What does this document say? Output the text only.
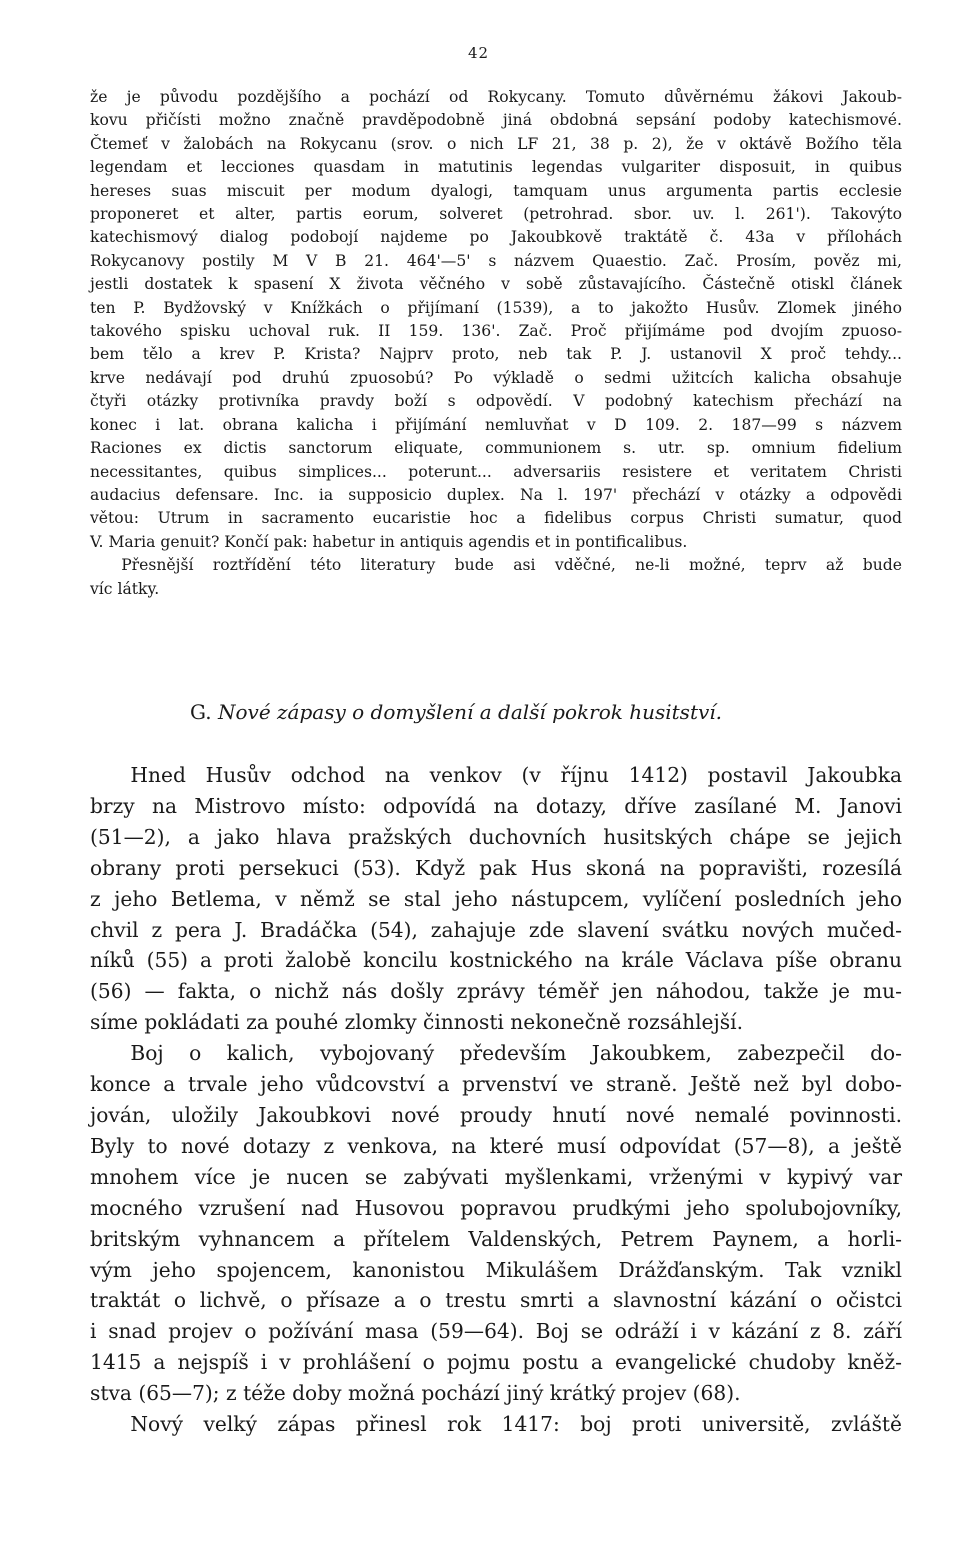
42

že je původu pozdějšího a pochází od Rokycany. Tomuto důvěrnému žákovi Jakoub-

kovu přičísti možno značně pravděpodobně jiná obdobná sepsání podoby katechismové.

Čtemeť v žalobách na Rokycanu (srov. o nich LF 21, 38 p. 2), že v oktávě Božího těla

legendam et lecciones quasdam in matutinis legendas vulgariter disposuit, in quibus

hereses suas miscuit per modum dyalogi, tamquam unus argumenta partis ecclesie

proponeret et alter, partis eorum, solveret (petrohrad. sbor. uv. l. 261'). Takovýto

katechismový dialog podobojí najdeme po Jakoubkově traktátě č. 43a v přílohách

Rokycanovy postily M V B 21. 464'—5' s názvem Quaestio. Zač. Prosím, pověz mi,

jestli dostatek k spasení X života věčného v sobě zůstavajícího. Částečně otiskl článek

ten P. Bydžovský v Knížkách o přijímaní (1539), a to jakožto Husův. Zlomek jiného

takového spisku uchoval ruk. II 159. 136'. Zač. Proč přijímáme pod dvojím zpuoso-

bem tělo a krev P. Krista? Najprv proto, neb tak P. J. ustanovil X proč tehdy...

krve nedávají pod druhú zpuosobú? Po výkladě o sedmi užitcích kalicha obsahuje

čtyři otázky protivníka pravdy boží s odpovědí. V podobný katechism přechází na

konec i lat. obrana kalicha i přijímání nemluvňat v D 109. 2. 187—99 s názvem

Raciones ex dictis sanctorum eliquate, communionem s. utr. sp. omnium fidelium

necessitantes, quibus simplices... poterunt... adversariis resistere et veritatem Christi

audacius defensare. Inc. ia supposicio duplex. Na l. 197' přechází v otázky a odpovědi

větou: Utrum in sacramento eucaristie hoc a fidelibus corpus Christi sumatur, quod

V. Maria genuit? Končí pak: habetur in antiquis agendis et in pontificalibus.

Přesnější roztřídění této literatury bude asi vděčné, ne-li možné, teprv až bude

víc látky.

G. Nové zápasy o domyšlení a další pokrok husitství.

Hned Husův odchod na venkov (v říjnu 1412) postavil Jakoubka

brzy na Mistrovo místo: odpovídá na dotazy, dříve zasílané M. Janovi

(51—2), a jako hlava pražských duchovních husitských chápe se jejich

obrany proti persekuci (53). Když pak Hus skoná na popravišti, rozesílá

z jeho Betlema, v němž se stal jeho nástupcem, vylíčení posledních jeho

chvil z pera J. Bradáčka (54), zahajuje zde slavení svátku nových mučed-

níků (55) a proti žalobě koncilu kostnického na krále Václava píše obranu

(56) — fakta, o nichž nás došly zprávy téměř jen náhodou, takže je mu-

síme pokládati za pouhé zlomky činnosti nekonečně rozsáhlejší.

Boj o kalich, vybojovaný především Jakoubkem, zabezpečil do-

konce a trvale jeho vůdcovství a prvenství ve straně. Ještě než byl dobo-

jován, uložily Jakoubkovi nové proudy hnutí nové nemalé povinnosti.

Byly to nové dotazy z venkova, na které musí odpovídat (57—8), a ještě

mnohem více je nucen se zabývati myšlenkami, vrženými v kypivý var

mocného vzrušení nad Husovou popravou prudkými jeho spolubojovníky,

britským vyhnancem a přítelem Valdenských, Petrem Paynem, a horli-

vým jeho spojencem, kanonistou Mikulášem Drážďanským. Tak vznikl

traktát o lichvě, o přísaze a o trestu smrti a slavnostní kázání o očistci

i snad projev o požívání masa (59—64). Boj se odráží i v kázání z 8. září

1415 a nejspíš i v prohlášení o pojmu postu a evangelické chudoby kněž-

stva (65—7); z téže doby možná pochází jiný krátký projev (68).

Nový velký zápas přinesl rok 1417: boj proti universitě, zvláště
